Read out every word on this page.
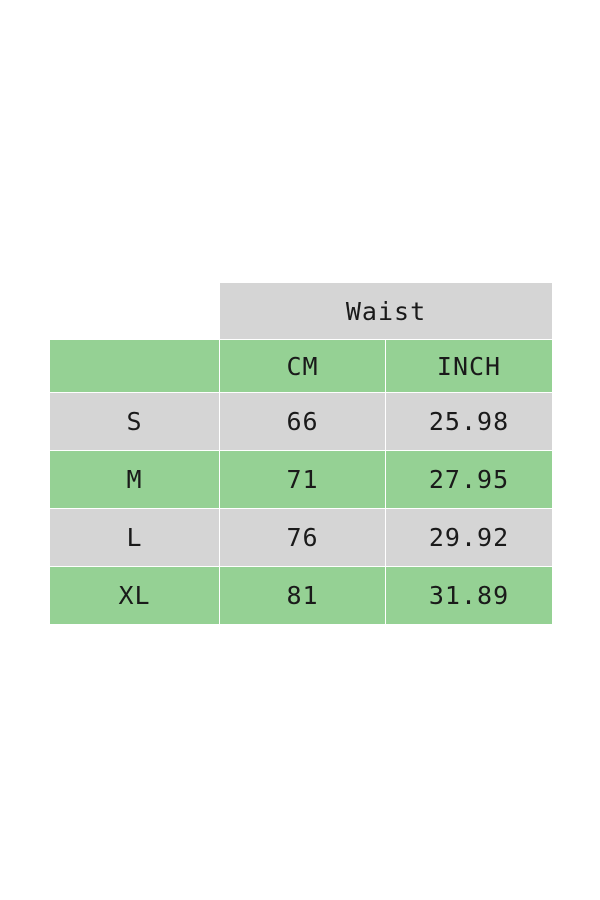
	Waist	
	CM	INCH
S	66	25.98
M	71	27.95
L	76	29.92
XL	81	31.89
